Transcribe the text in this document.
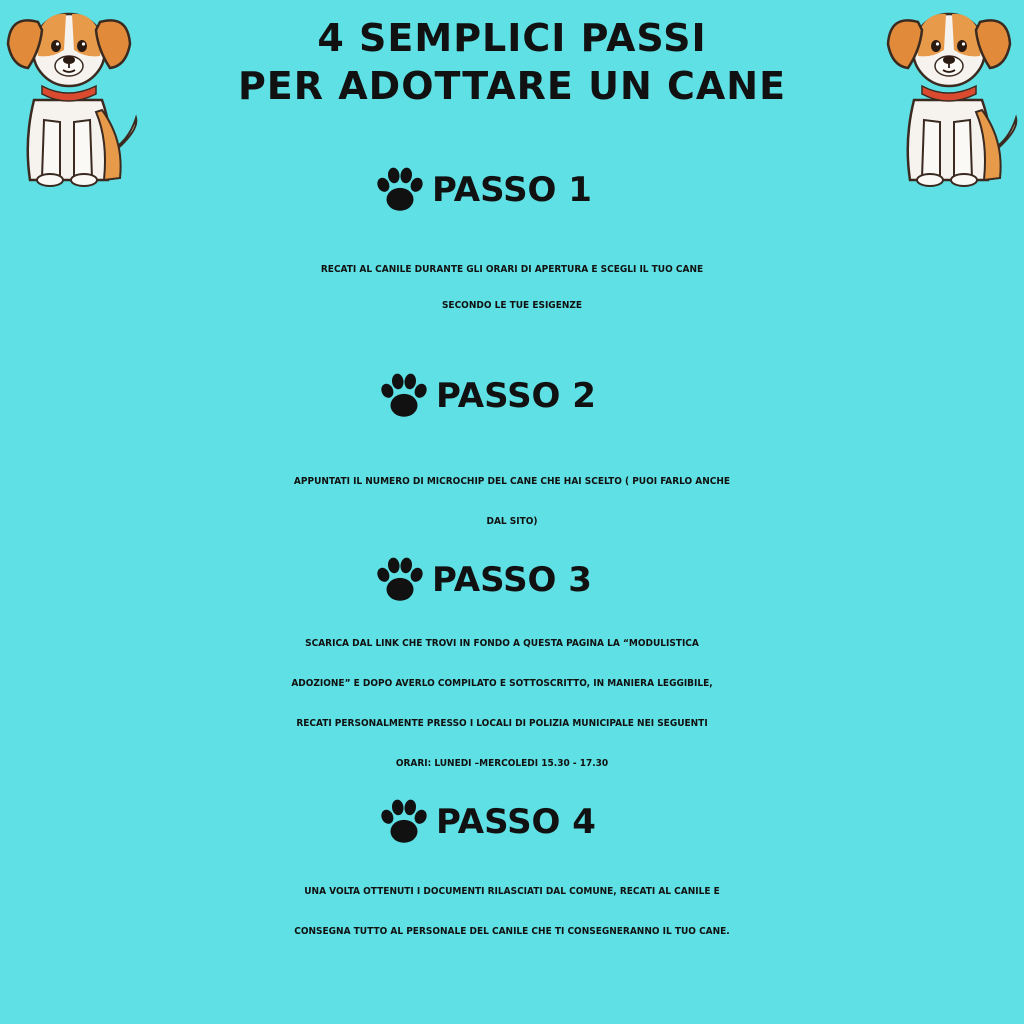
4 SEMPLICI PASSI
PER ADOTTARE UN CANE
PASSO 1
RECATI AL CANILE DURANTE GLI ORARI DI APERTURA E SCEGLI IL TUO CANE
SECONDO LE TUE ESIGENZE
PASSO 2
APPUNTATI IL NUMERO DI MICROCHIP DEL CANE CHE HAI SCELTO ( PUOI FARLO ANCHE
DAL SITO)
PASSO 3
SCARICA DAL LINK CHE TROVI IN FONDO A QUESTA PAGINA LA “MODULISTICA
ADOZIONE” E DOPO AVERLO COMPILATO E SOTTOSCRITTO, IN MANIERA LEGGIBILE,
RECATI PERSONALMENTE PRESSO I LOCALI DI POLIZIA MUNICIPALE NEI SEGUENTI
ORARI: LUNEDI –MERCOLEDI 15.30 - 17.30
PASSO 4
UNA VOLTA OTTENUTI I DOCUMENTI RILASCIATI DAL COMUNE, RECATI AL CANILE E
CONSEGNA TUTTO AL PERSONALE DEL CANILE CHE TI CONSEGNERANNO IL TUO CANE.
